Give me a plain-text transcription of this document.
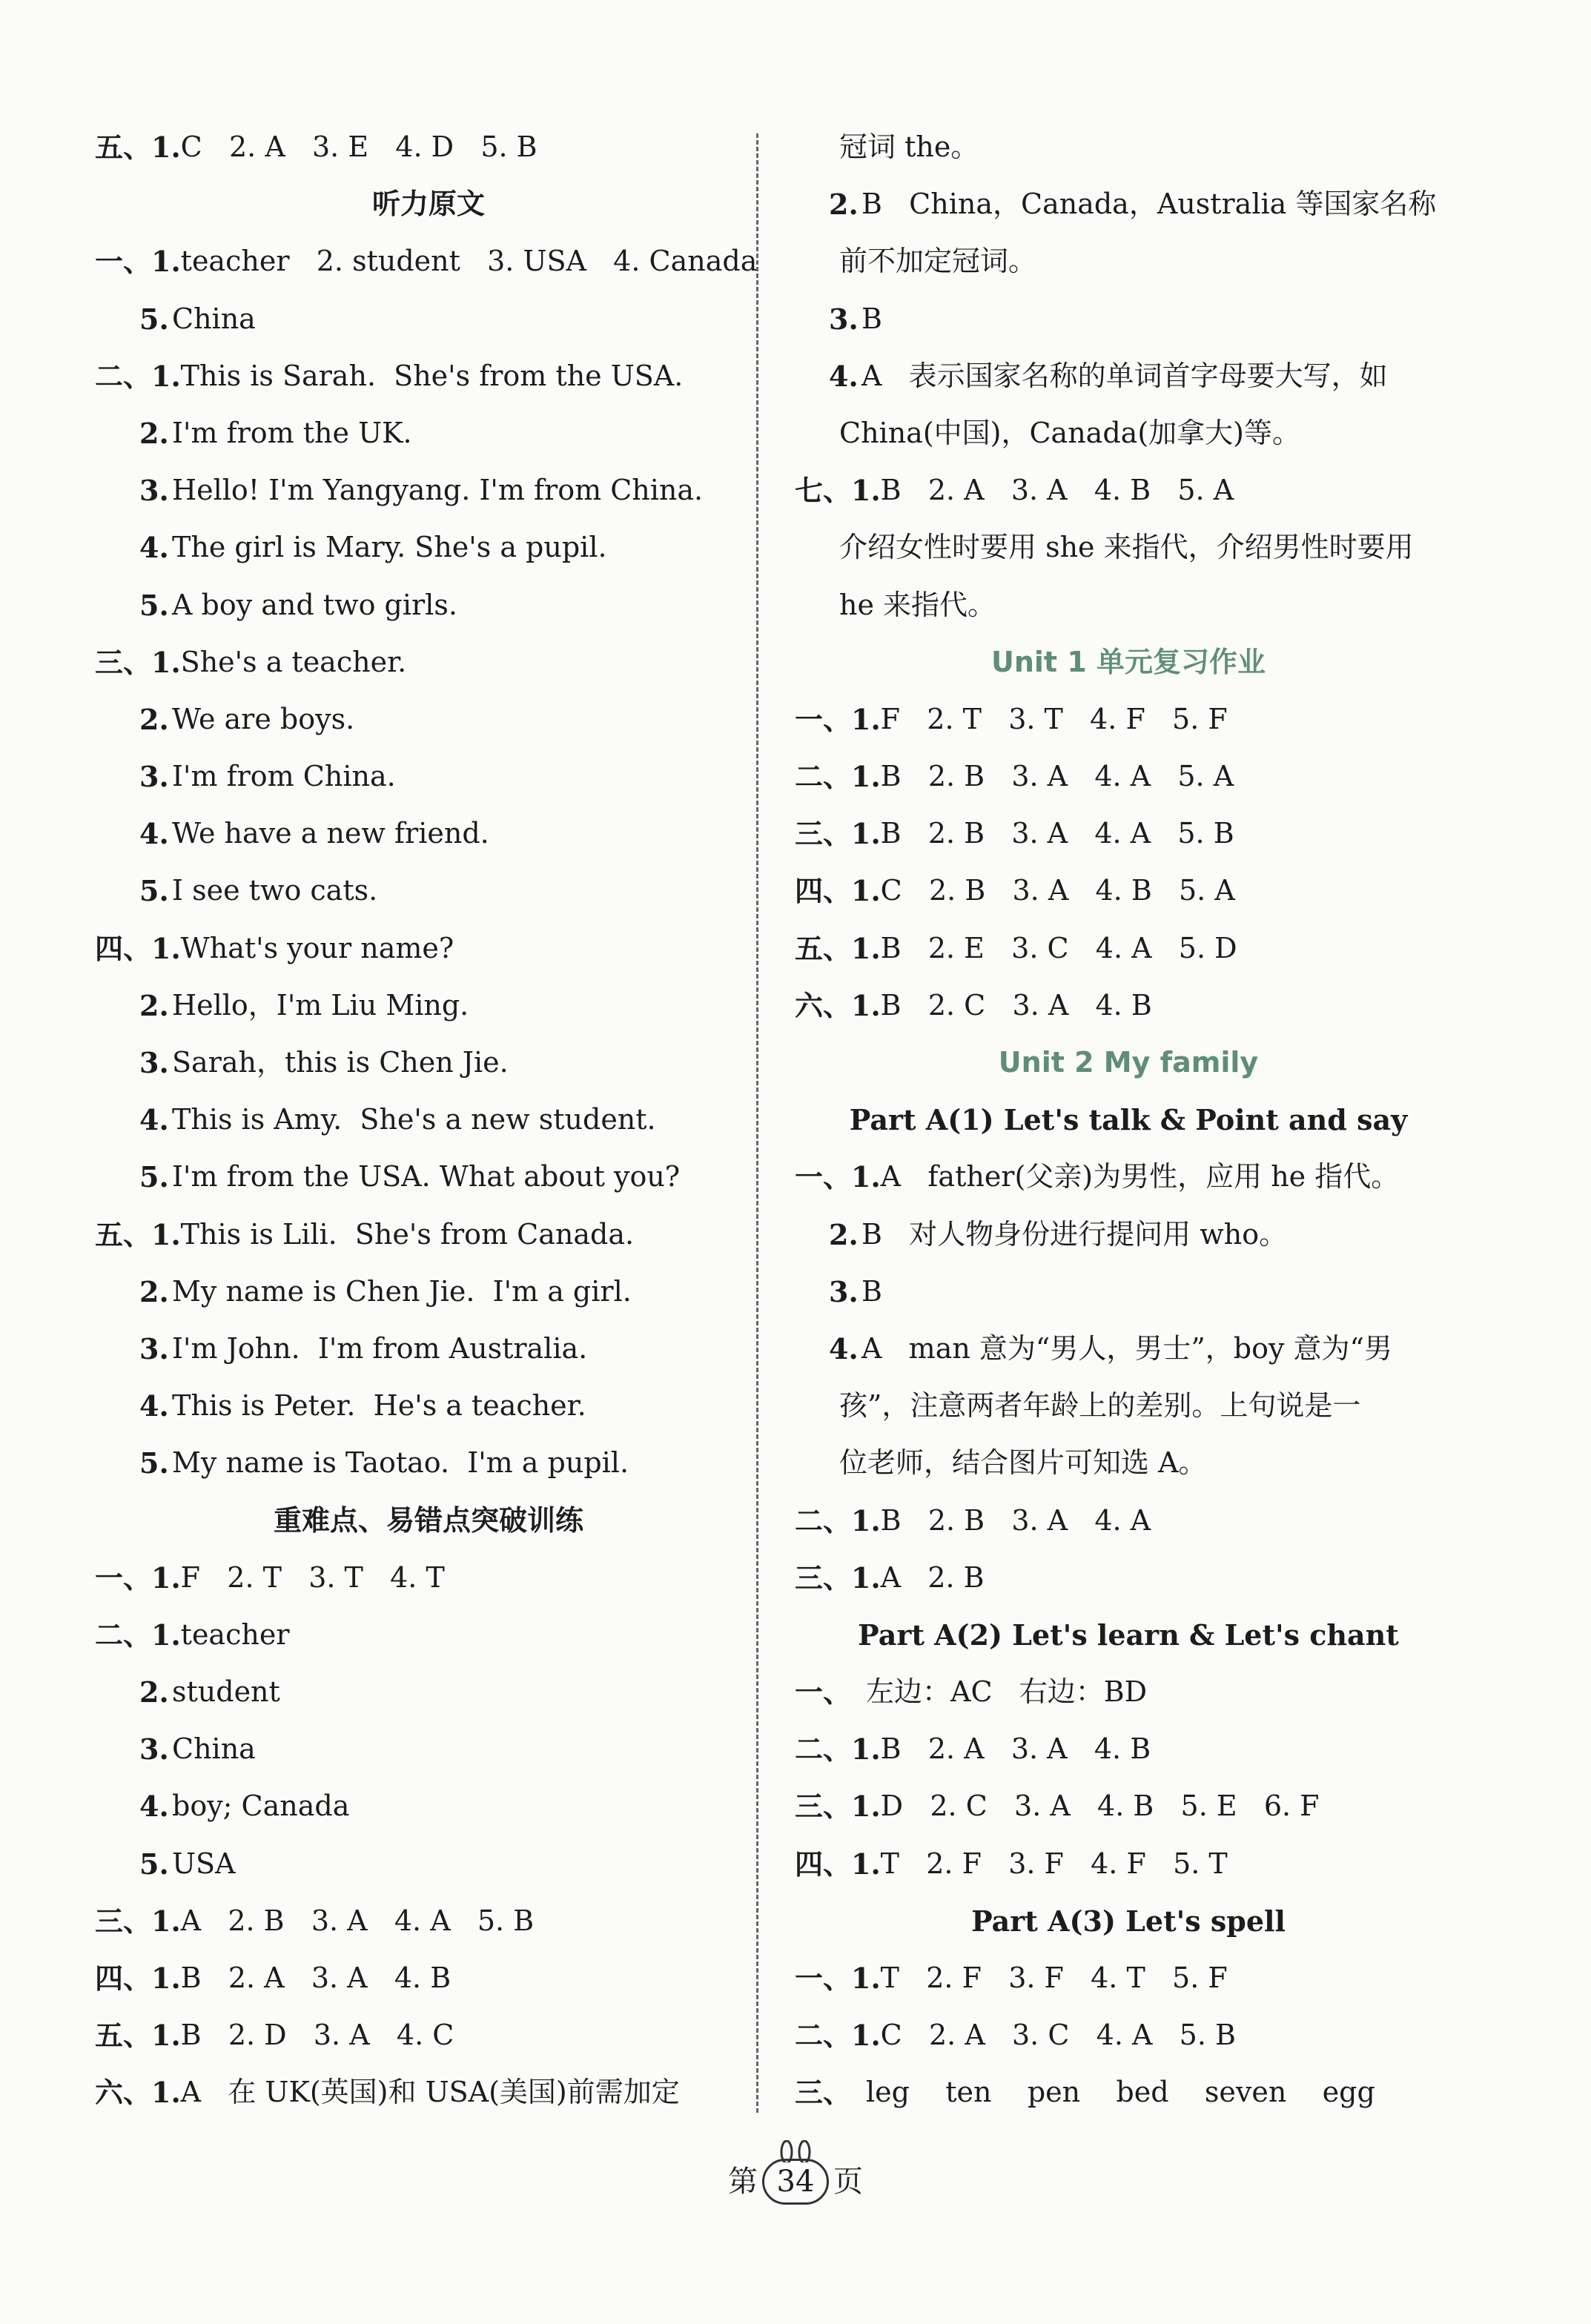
五、1. C   2. A   3. E   4. D   5. B
听力原文
一、1. teacher   2. student   3. USA   4. Canada
5. China
二、1. This is Sarah.  She's from the USA.
2. I'm from the UK.
3. Hello! I'm Yangyang. I'm from China.
4. The girl is Mary. She's a pupil.
5. A boy and two girls.
三、1. She's a teacher.
2. We are boys.
3. I'm from China.
4. We have a new friend.
5. I see two cats.
四、1. What's your name?
2. Hello，I'm Liu Ming.
3. Sarah，this is Chen Jie.
4. This is Amy.  She's a new student.
5. I'm from the USA. What about you?
五、1. This is Lili.  She's from Canada.
2. My name is Chen Jie.  I'm a girl.
3. I'm John.  I'm from Australia.
4. This is Peter.  He's a teacher.
5. My name is Taotao.  I'm a pupil.
重难点、易错点突破训练
一、1. F   2. T   3. T   4. T
二、1. teacher
2. student
3. China
4. boy; Canada
5. USA
三、1. A   2. B   3. A   4. A   5. B
四、1. B   2. A   3. A   4. B
五、1. B   2. D   3. A   4. C
六、1. A   在 UK(英国)和 USA(美国)前需加定
冠词 the。
2. B   China，Canada，Australia 等国家名称
前不加定冠词。
3. B
4. A   表示国家名称的单词首字母要大写，如
China(中国)，Canada(加拿大)等。
七、1. B   2. A   3. A   4. B   5. A
介绍女性时要用 she 来指代，介绍男性时要用
he 来指代。
Unit 1 单元复习作业
一、1. F   2. T   3. T   4. F   5. F
二、1. B   2. B   3. A   4. A   5. A
三、1. B   2. B   3. A   4. A   5. B
四、1. C   2. B   3. A   4. B   5. A
五、1. B   2. E   3. C   4. A   5. D
六、1. B   2. C   3. A   4. B
Unit 2 My family
Part A(1) Let's talk & Point and say
一、1. A   father(父亲)为男性，应用 he 指代。
2. B   对人物身份进行提问用 who。
3. B
4. A   man 意为“男人，男士”，boy 意为“男
孩”，注意两者年龄上的差别。上句说是一
位老师，结合图片可知选 A。
二、1. B   2. B   3. A   4. A
三、1. A   2. B
Part A(2) Let's learn & Let's chant
一、 左边：AC   右边：BD
二、1. B   2. A   3. A   4. B
三、1. D   2. C   3. A   4. B   5. E   6. F
四、1. T   2. F   3. F   4. F   5. T
Part A(3) Let's spell
一、1. T   2. F   3. F   4. T   5. F
二、1. C   2. A   3. C   4. A   5. B
三、 leg    ten    pen    bed    seven    egg
第 34 页
